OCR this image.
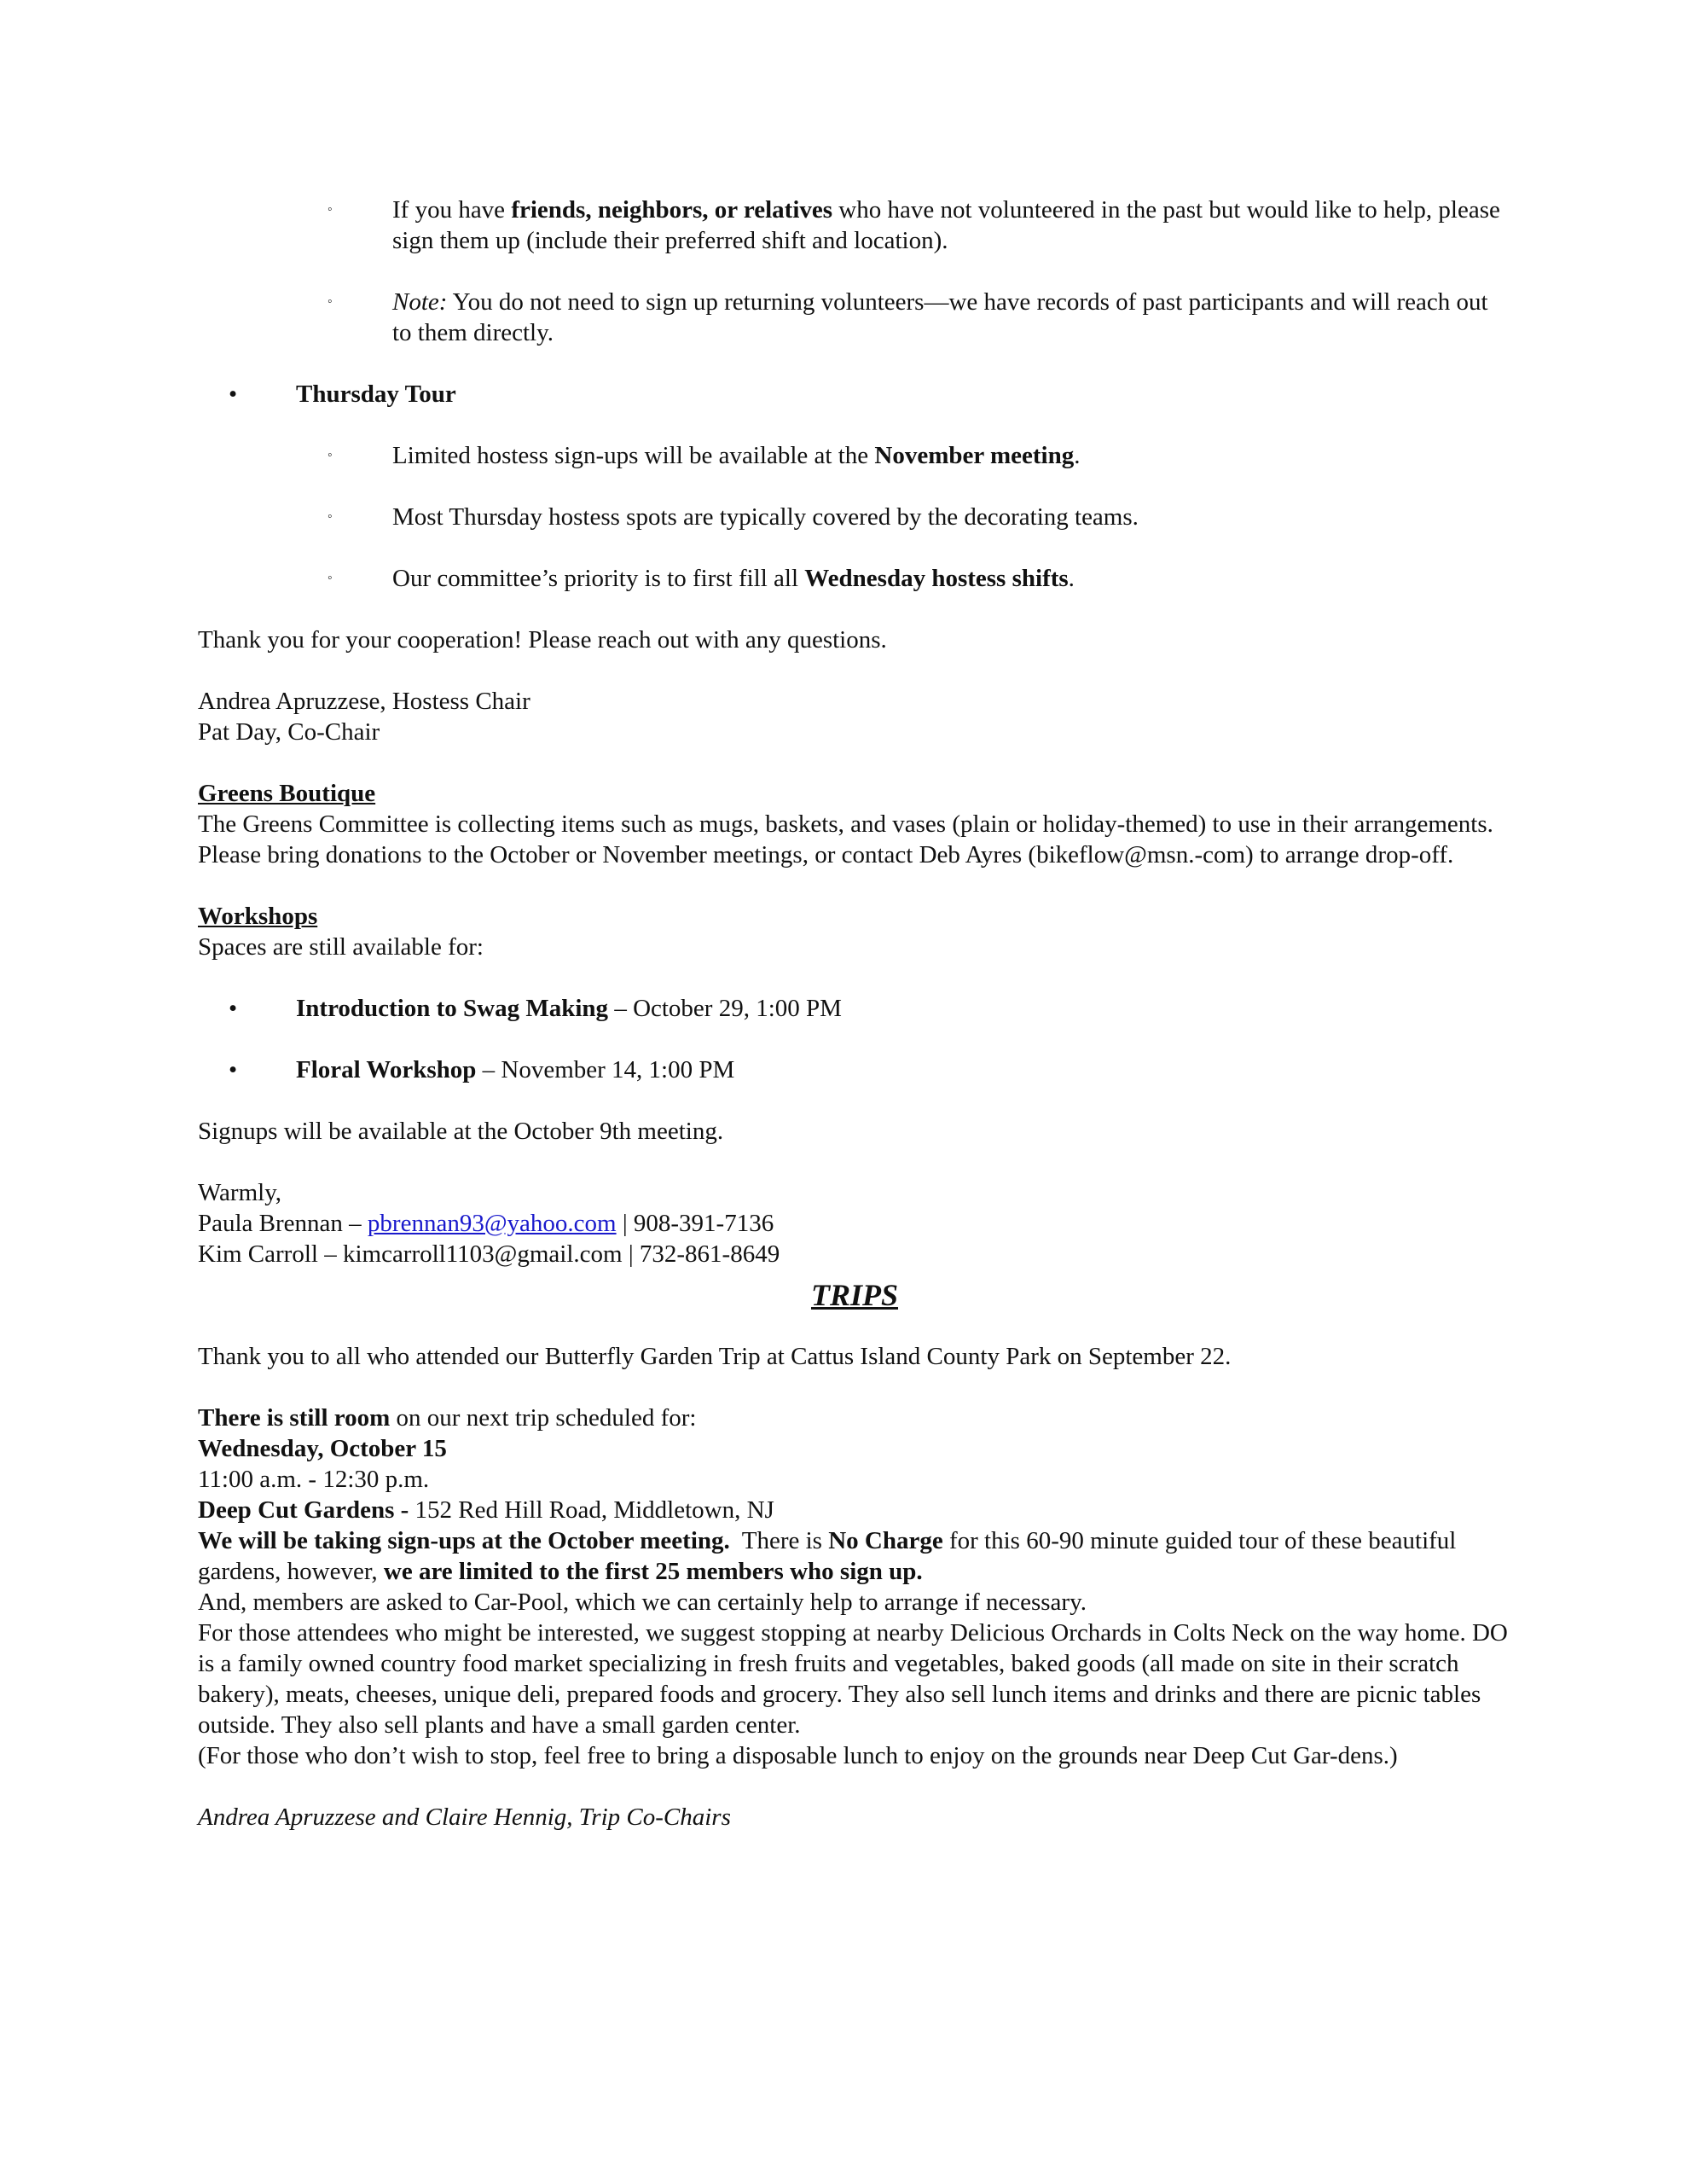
◦ If you have friends, neighbors, or relatives who have not volunteered in the past but would like to help, please sign them up (include their preferred shift and location).

◦ Note: You do not need to sign up returning volunteers—we have records of past participants and will reach out to them directly.

• Thursday Tour

◦ Limited hostess sign-ups will be available at the November meeting.

◦ Most Thursday hostess spots are typically covered by the decorating teams.

◦ Our committee’s priority is to first fill all Wednesday hostess shifts.

Thank you for your cooperation! Please reach out with any questions.

Andrea Apruzzese, Hostess Chair

Pat Day, Co-Chair

Greens Boutique

The Greens Committee is collecting items such as mugs, baskets, and vases (plain or holiday-themed) to use in their arrangements. Please bring donations to the October or November meetings, or contact Deb Ayres (bikeflow@msn.-com) to arrange drop-off.

Workshops

Spaces are still available for:

• Introduction to Swag Making – October 29, 1:00 PM

• Floral Workshop – November 14, 1:00 PM

Signups will be available at the October 9th meeting.

Warmly,

Paula Brennan – pbrennan93@yahoo.com | 908-391-7136

Kim Carroll – kimcarroll1103@gmail.com | 732-861-8649

TRIPS

Thank you to all who attended our Butterfly Garden Trip at Cattus Island County Park on September 22.

There is still room on our next trip scheduled for:

Wednesday, October 15

11:00 a.m. - 12:30 p.m.

Deep Cut Gardens - 152 Red Hill Road, Middletown, NJ

We will be taking sign-ups at the October meeting.  There is No Charge for this 60-90 minute guided tour of these beautiful gardens, however, we are limited to the first 25 members who sign up.

And, members are asked to Car-Pool, which we can certainly help to arrange if necessary.

For those attendees who might be interested, we suggest stopping at nearby Delicious Orchards in Colts Neck on the way home. DO is a family owned country food market specializing in fresh fruits and vegetables, baked goods (all made on site in their scratch bakery), meats, cheeses, unique deli, prepared foods and grocery. They also sell lunch items and drinks and there are picnic tables outside. They also sell plants and have a small garden center.

(For those who don’t wish to stop, feel free to bring a disposable lunch to enjoy on the grounds near Deep Cut Gar-dens.)

Andrea Apruzzese and Claire Hennig, Trip Co-Chairs
